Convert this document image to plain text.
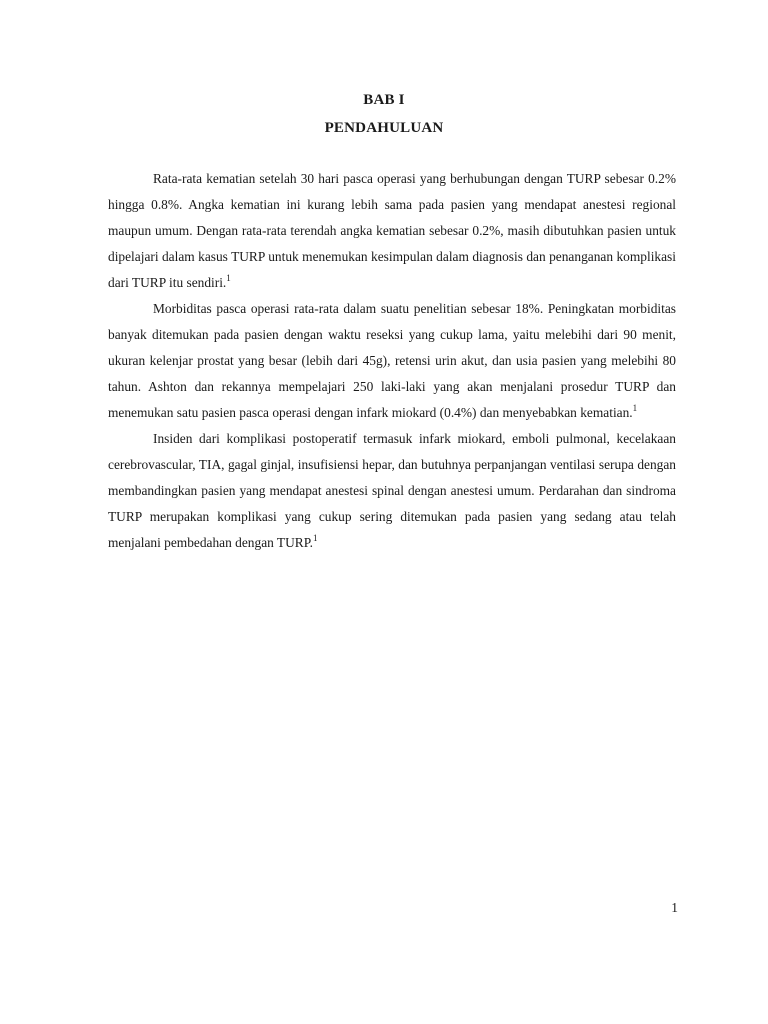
BAB I
PENDAHULUAN

Rata-rata kematian setelah 30 hari pasca operasi yang berhubungan dengan TURP sebesar 0.2% hingga 0.8%. Angka kematian ini kurang lebih sama pada pasien yang mendapat anestesi regional maupun umum. Dengan rata-rata terendah angka kematian sebesar 0.2%, masih dibutuhkan pasien untuk dipelajari dalam kasus TURP untuk menemukan kesimpulan dalam diagnosis dan penanganan komplikasi dari TURP itu sendiri.$^1$

Morbiditas pasca operasi rata-rata dalam suatu penelitian sebesar 18%. Peningkatan morbiditas banyak ditemukan pada pasien dengan waktu reseksi yang cukup lama, yaitu melebihi dari 90 menit, ukuran kelenjar prostat yang besar (lebih dari 45g), retensi urin akut, dan usia pasien yang melebihi 80 tahun. Ashton dan rekannya mempelajari 250 laki-laki yang akan menjalani prosedur TURP dan menemukan satu pasien pasca operasi dengan infark miokard (0.4%) dan menyebabkan kematian.$^1$

Insiden dari komplikasi postoperatif termasuk infark miokard, emboli pulmonal, kecelakaan cerebrovascular, TIA, gagal ginjal, insufisiensi hepar, dan butuhnya perpanjangan ventilasi serupa dengan membandingkan pasien yang mendapat anestesi spinal dengan anestesi umum. Perdarahan dan sindroma TURP merupakan komplikasi yang cukup sering ditemukan pada pasien yang sedang atau telah menjalani pembedahan dengan TURP.$^1$

1
